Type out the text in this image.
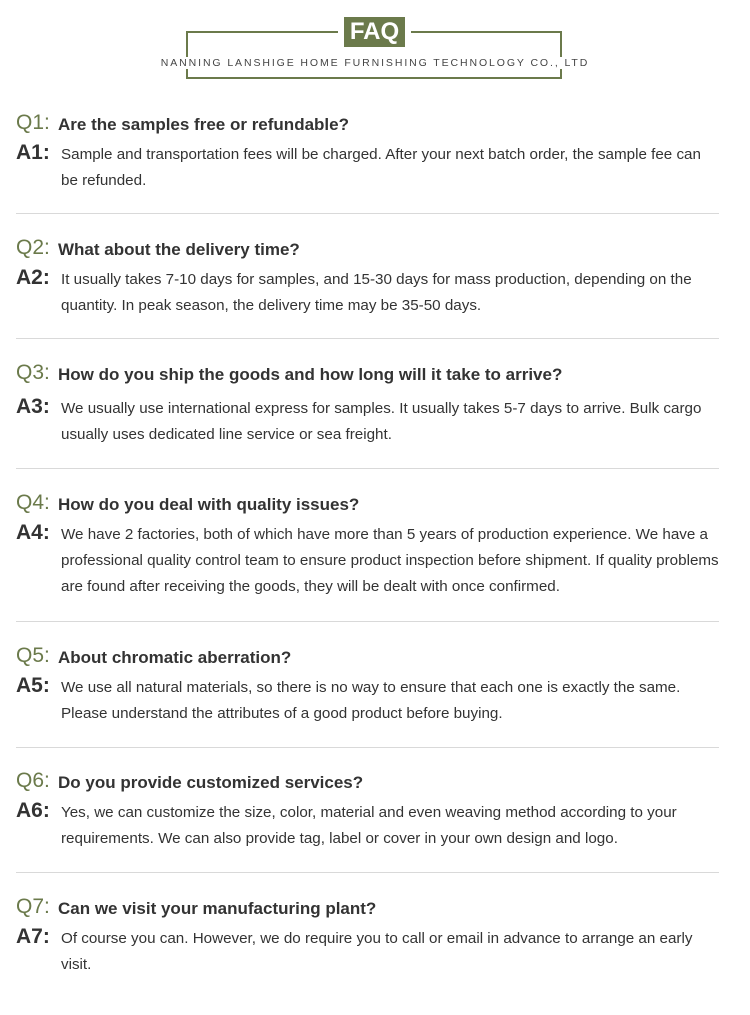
FAQ
NANNING LANSHIGE HOME FURNISHING TECHNOLOGY CO., LTD
Q1: Are the samples free or refundable?
A1: Sample and transportation fees will be charged. After your next batch order, the sample fee can be refunded.
Q2: What about the delivery time?
A2: It usually takes 7-10 days for samples, and 15-30 days for mass production, depending on the quantity. In peak season, the delivery time may be 35-50 days.
Q3: How do you ship the goods and how long will it take to arrive?
A3: We usually use international express for samples. It usually takes 5-7 days to arrive. Bulk cargo usually uses dedicated line service or sea freight.
Q4: How do you deal with quality issues?
A4: We have 2 factories, both of which have more than 5 years of production experience. We have a professional quality control team to ensure product inspection before shipment. If quality problems are found after receiving the goods, they will be dealt with once confirmed.
Q5: About chromatic aberration?
A5: We use all natural materials, so there is no way to ensure that each one is exactly the same. Please understand the attributes of a good product before buying.
Q6: Do you provide customized services?
A6: Yes, we can customize the size, color, material and even weaving method according to your requirements. We can also provide tag, label or cover in your own design and logo.
Q7: Can we visit your manufacturing plant?
A7: Of course you can. However, we do require you to call or email in advance to arrange an early visit.
